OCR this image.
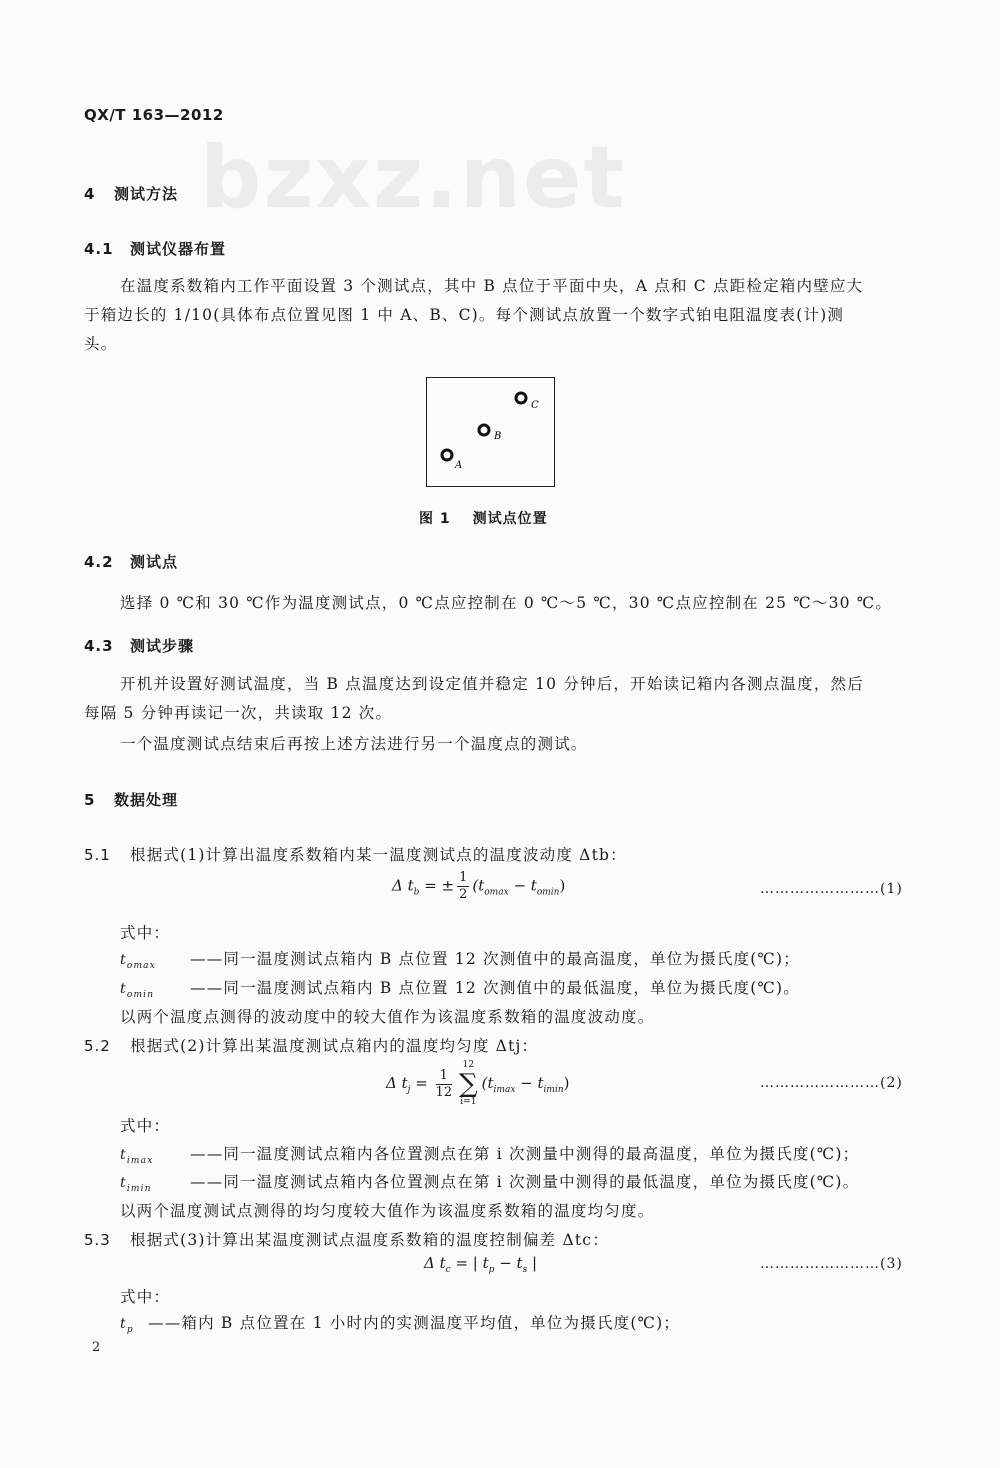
bzxz.net
QX/T 163—2012
4 测试方法
4.1 测试仪器布置

在温度系数箱内工作平面设置 3 个测试点，其中 B 点位于平面中央，A 点和 C 点距检定箱内壁应大于箱边长的 1/10(具体布点位置见图 1 中 A、B、C)。每个测试点放置一个数字式铂电阻温度表(计)测头。

A
B
C
图 1 测试点位置
4.2 测试点

选择 0 ℃和 30 ℃作为温度测试点，0 ℃点应控制在 0 ℃～5 ℃，30 ℃点应控制在 25 ℃～30 ℃。

4.3 测试步骤

开机并设置好测试温度，当 B 点温度达到设定值并稳定 10 分钟后，开始读记箱内各测点温度，然后每隔 5 分钟再读记一次，共读取 12 次。

一个温度测试点结束后再按上述方法进行另一个温度点的测试。

5 数据处理
5.1 根据式(1)计算出温度系数箱内某一温度测试点的温度波动度 Δtb：
Δ $t_b$ = ± $\frac{1}{2} (t_{omax} - t_{omin})$	……………………(1)
式中：
$t_{omax}$ ——同一温度测试点箱内 B 点位置 12 次测值中的最高温度，单位为摄氏度(℃)；
$t_{omin}$ ——同一温度测试点箱内 B 点位置 12 次测值中的最低温度，单位为摄氏度(℃)。
以两个温度点测得的波动度中的较大值作为该温度系数箱的温度波动度。
5.2 根据式(2)计算出某温度测试点箱内的温度均匀度 Δtj：
Δ $t_j = \frac{1}{12}$
12
∑
i=1
$(t_{imax} - t_{imin})$	……………………(2)
式中：
$t_{imax}$ ——同一温度测试点箱内各位置测点在第 i 次测量中测得的最高温度，单位为摄氏度(℃)；
$t_{imin}$ ——同一温度测试点箱内各位置测点在第 i 次测量中测得的最低温度，单位为摄氏度(℃)。
以两个温度测试点测得的均匀度较大值作为该温度系数箱的温度均匀度。
5.3 根据式(3)计算出某温度测试点温度系数箱的温度控制偏差 Δtc：
Δ $t_c$ = | $t_p - t_s$ |	……………………(3)
式中：
$t_p$ ——箱内 B 点位置在 1 小时内的实测温度平均值，单位为摄氏度(℃)；
2
